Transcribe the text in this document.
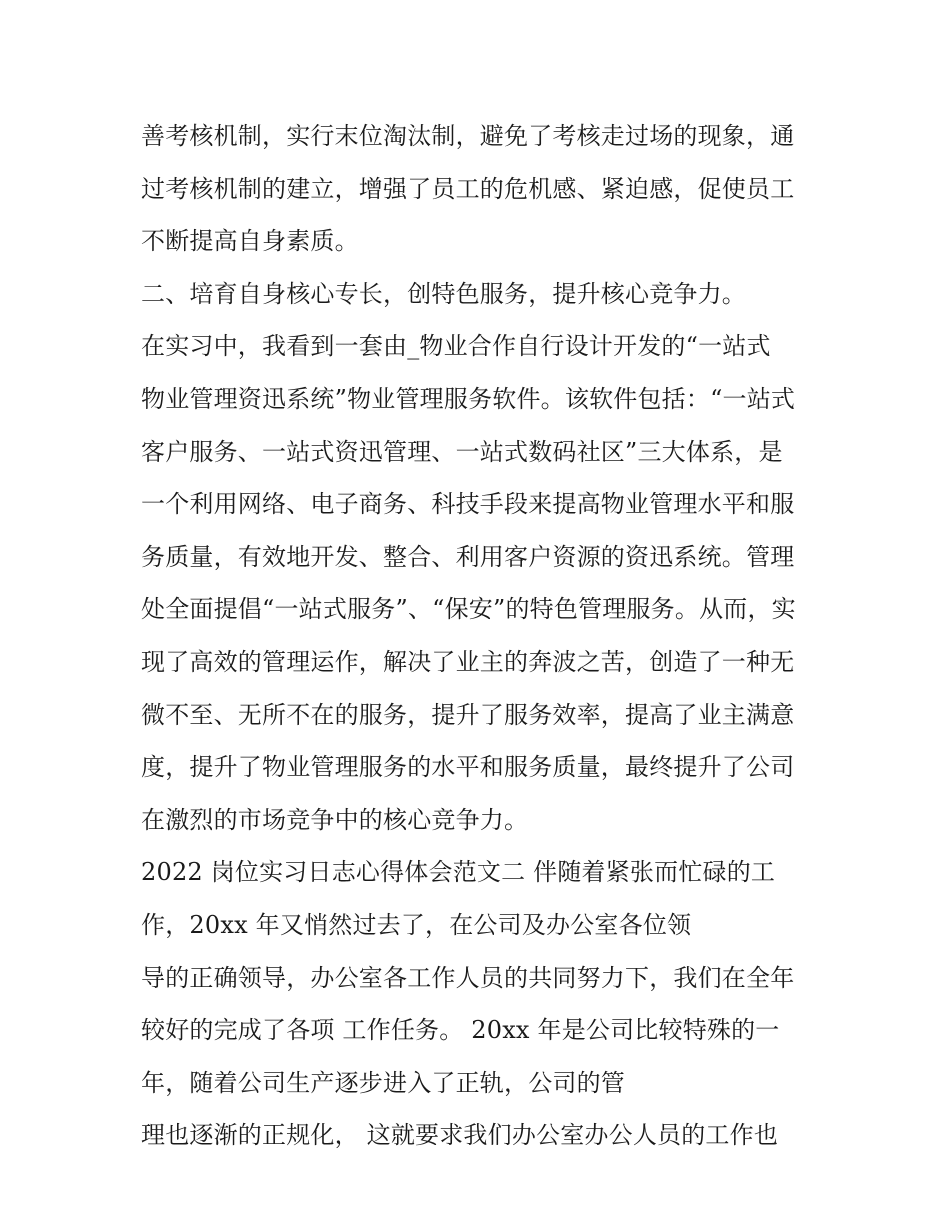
善考核机制，实行末位淘汰制，避免了考核走过场的现象，通
过考核机制的建立，增强了员工的危机感、紧迫感，促使员工
不断提高自身素质。
二、培育自身核心专长，创特色服务，提升核心竞争力。
在实习中，我看到一套由_物业合作自行设计开发的“一站式
物业管理资迅系统”物业管理服务软件。该软件包括：“一站式
客户服务、一站式资迅管理、一站式数码社区”三大体系，是
一个利用网络、电子商务、科技手段来提高物业管理水平和服
务质量，有效地开发、整合、利用客户资源的资迅系统。管理
处全面提倡“一站式服务”、“保安”的特色管理服务。从而，实
现了高效的管理运作，解决了业主的奔波之苦，创造了一种无
微不至、无所不在的服务，提升了服务效率，提高了业主满意
度，提升了物业管理服务的水平和服务质量，最终提升了公司
在激烈的市场竞争中的核心竞争力。
2022 岗位实习日志心得体会范文二 伴随着紧张而忙碌的工
作，20xx 年又悄然过去了，在公司及办公室各位领
导的正确领导，办公室各工作人员的共同努力下，我们在全年
较好的完成了各项 工作任务。 20xx 年是公司比较特殊的一
年，随着公司生产逐步进入了正轨，公司的管
理也逐渐的正规化， 这就要求我们办公室办公人员的工作也
